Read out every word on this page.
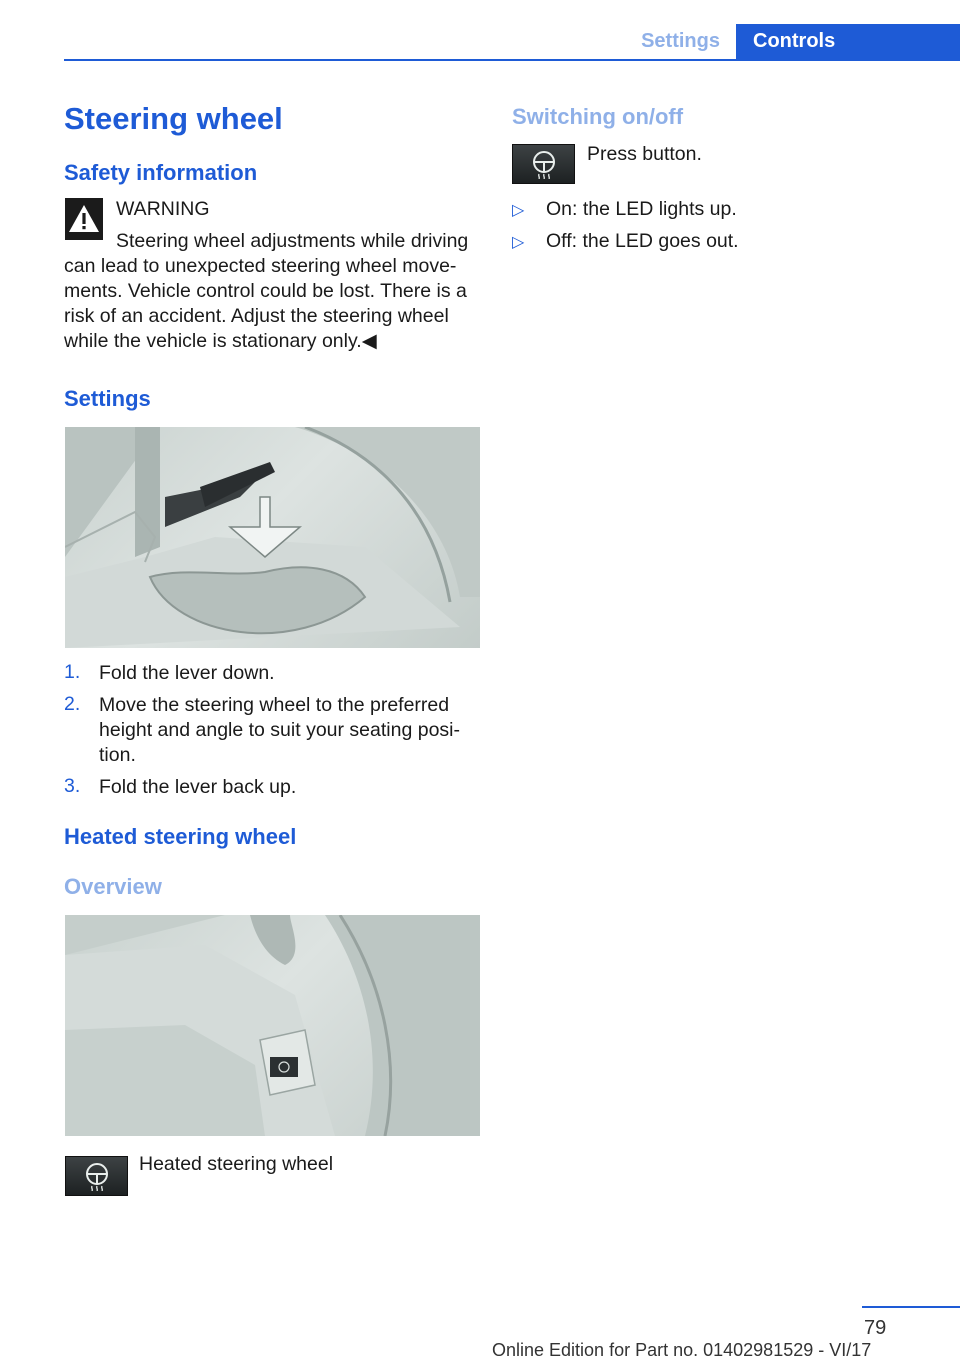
Settings	Controls
Steering wheel
Safety information
WARNING
Steering wheel adjustments while driving
can lead to unexpected steering wheel move-
ments. Vehicle control could be lost. There is a
risk of an accident. Adjust the steering wheel
while the vehicle is stationary only.◀
Settings
1. Fold the lever down.
2. Move the steering wheel to the preferred
height and angle to suit your seating posi-
tion.
3. Fold the lever back up.
Heated steering wheel
Overview
Heated steering wheel
Switching on/off
Press button.
▷ On: the LED lights up.
▷ Off: the LED goes out.
79
Online Edition for Part no. 01402981529 - VI/17
